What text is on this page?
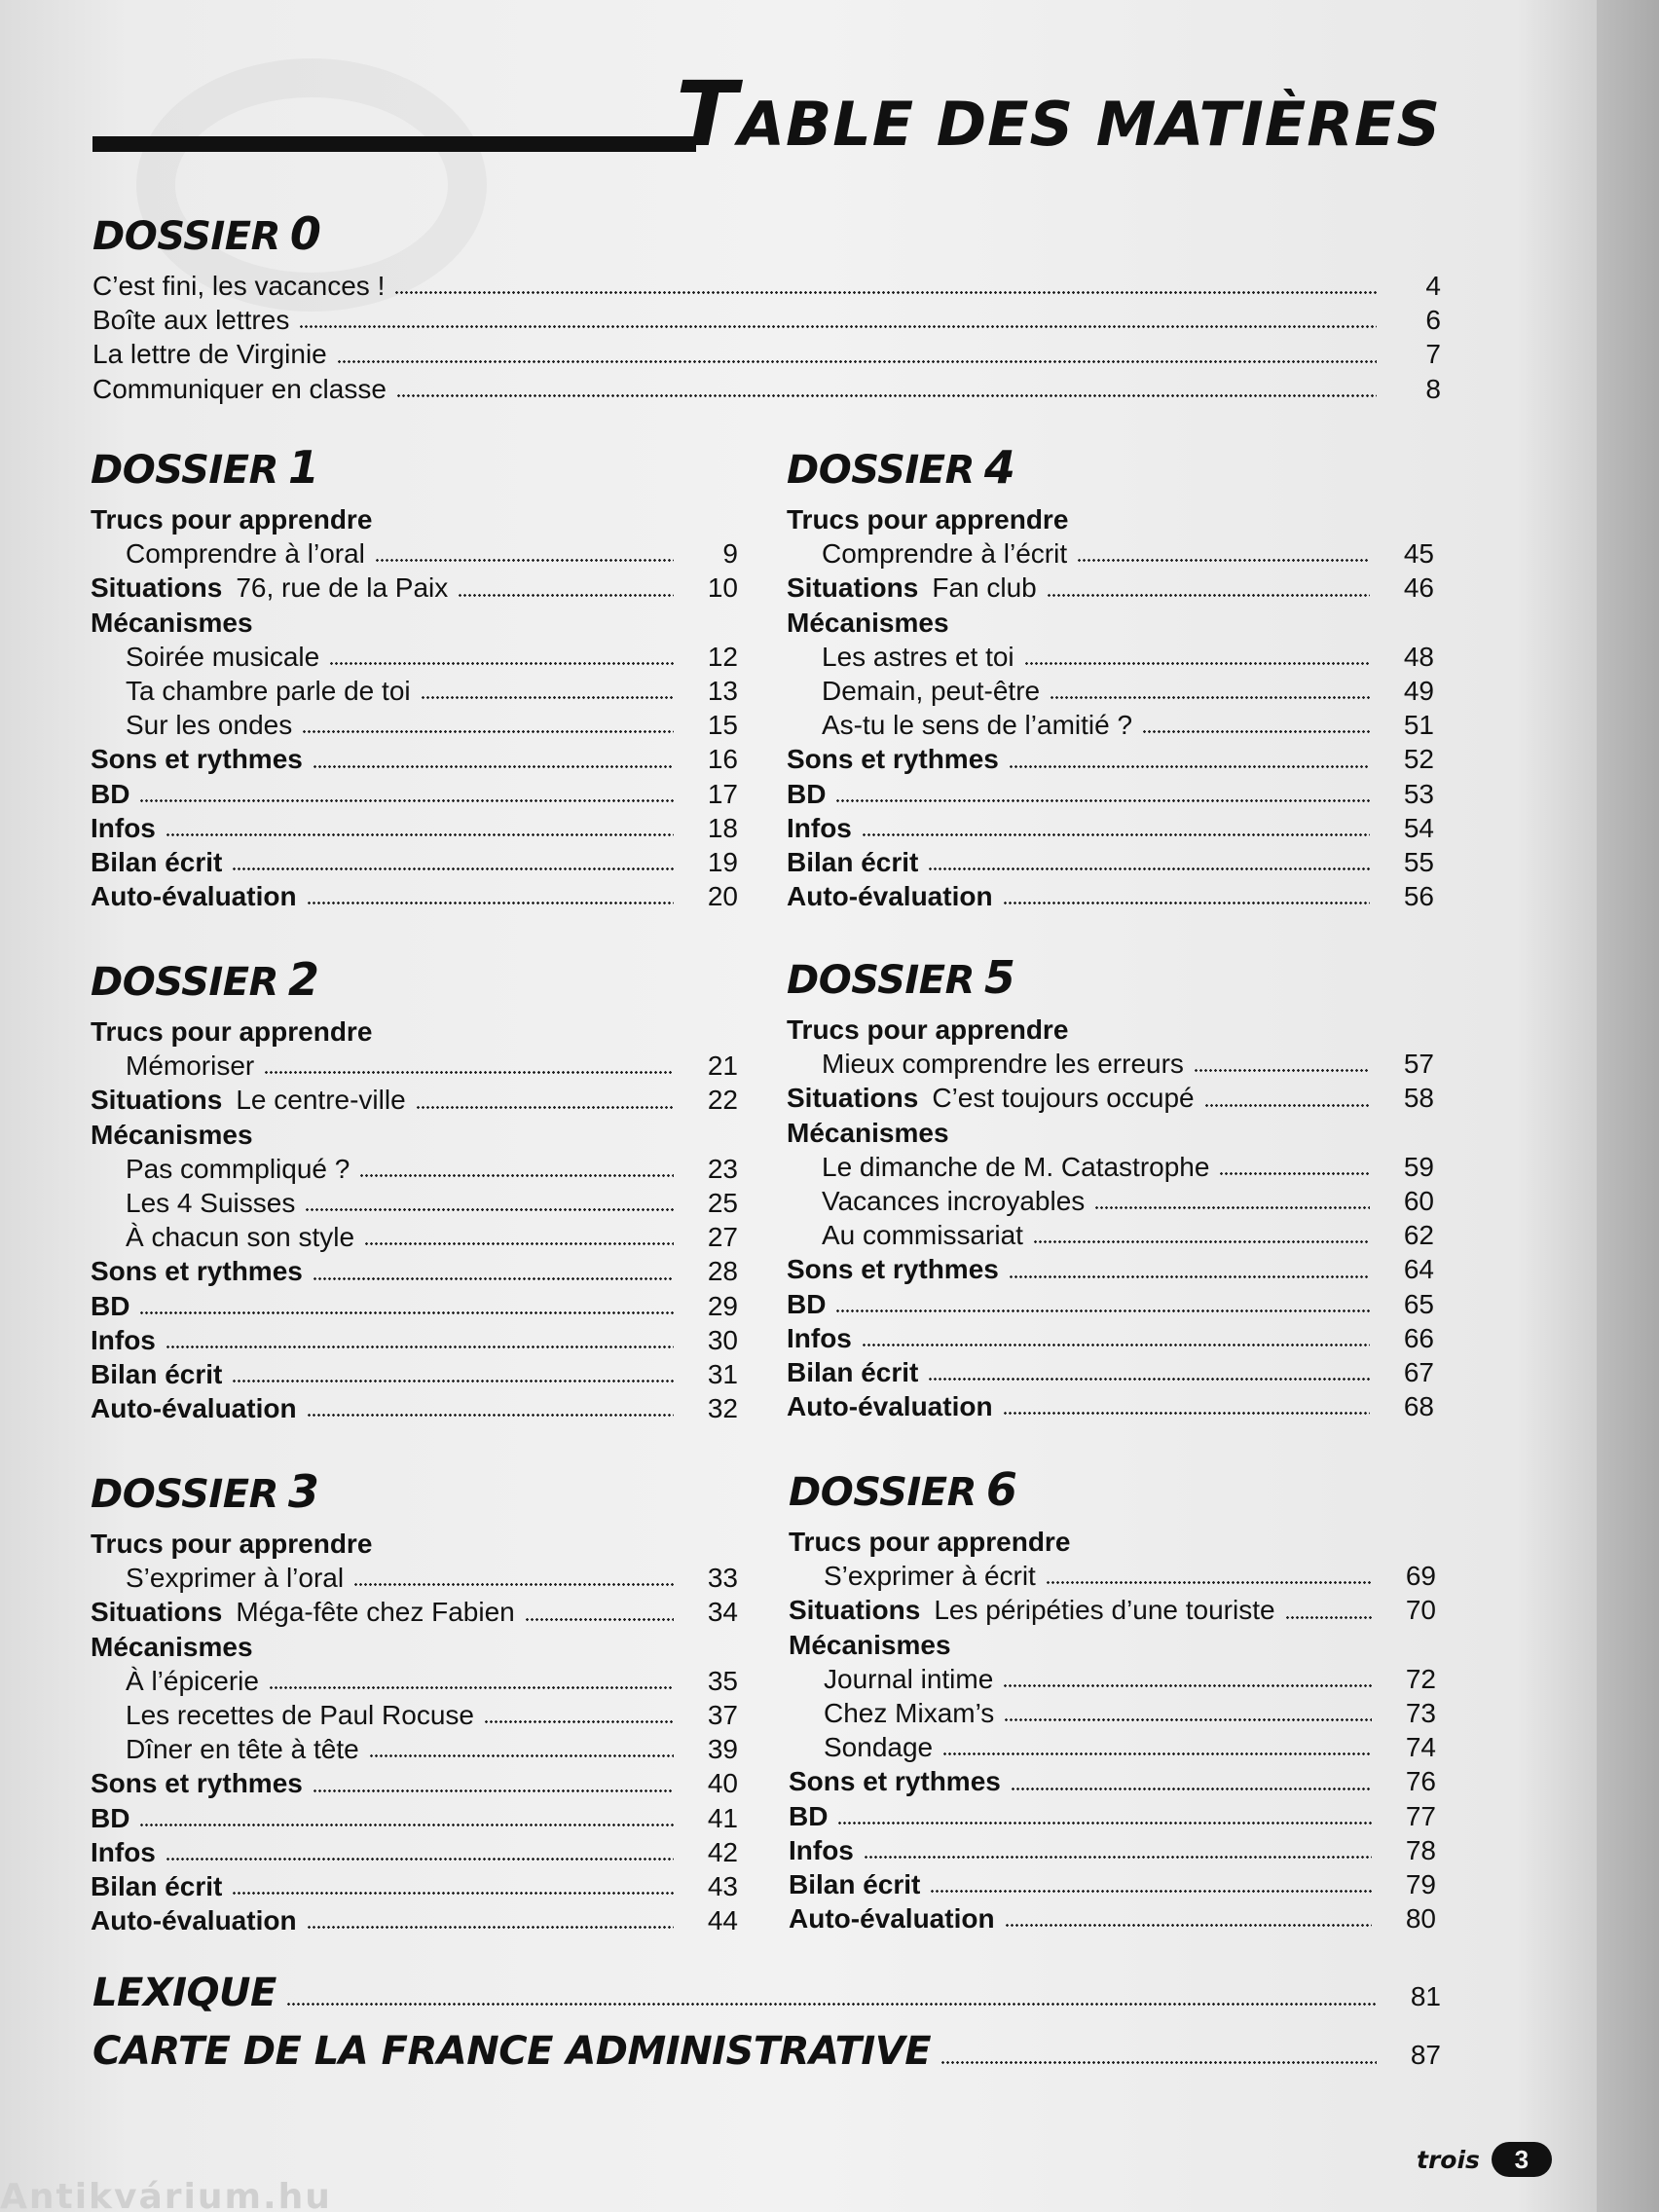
TABLE DES MATIÈRES
DOSSIER 0
C’est fini, les vacances !	4
Boîte aux lettres	6
La lettre de Virginie	7
Communiquer en classe	8
DOSSIER 1
Trucs pour apprendre
Comprendre à l’oral	9
Situations 76, rue de la Paix	10
Mécanismes
Soirée musicale	12
Ta chambre parle de toi	13
Sur les ondes	15
Sons et rythmes	16
BD	17
Infos	18
Bilan écrit	19
Auto-évaluation	20
DOSSIER 2
Trucs pour apprendre
Mémoriser	21
Situations Le centre-ville	22
Mécanismes
Pas commpliqué ?	23
Les 4 Suisses	25
À chacun son style	27
Sons et rythmes	28
BD	29
Infos	30
Bilan écrit	31
Auto-évaluation	32
DOSSIER 3
Trucs pour apprendre
S’exprimer à l’oral	33
Situations Méga-fête chez Fabien	34
Mécanismes
À l’épicerie	35
Les recettes de Paul Rocuse	37
Dîner en tête à tête	39
Sons et rythmes	40
BD	41
Infos	42
Bilan écrit	43
Auto-évaluation	44
DOSSIER 4
Trucs pour apprendre
Comprendre à l’écrit	45
Situations Fan club	46
Mécanismes
Les astres et toi	48
Demain, peut-être	49
As-tu le sens de l’amitié ?	51
Sons et rythmes	52
BD	53
Infos	54
Bilan écrit	55
Auto-évaluation	56
DOSSIER 5
Trucs pour apprendre
Mieux comprendre les erreurs	57
Situations C’est toujours occupé	58
Mécanismes
Le dimanche de M. Catastrophe	59
Vacances incroyables	60
Au commissariat	62
Sons et rythmes	64
BD	65
Infos	66
Bilan écrit	67
Auto-évaluation	68
DOSSIER 6
Trucs pour apprendre
S’exprimer à écrit	69
Situations Les péripéties d’une touriste	70
Mécanismes
Journal intime	72
Chez Mixam’s	73
Sondage	74
Sons et rythmes	76
BD	77
Infos	78
Bilan écrit	79
Auto-évaluation	80
LEXIQUE	81
CARTE DE LA FRANCE ADMINISTRATIVE	87
trois	3
Antikvárium.hu
